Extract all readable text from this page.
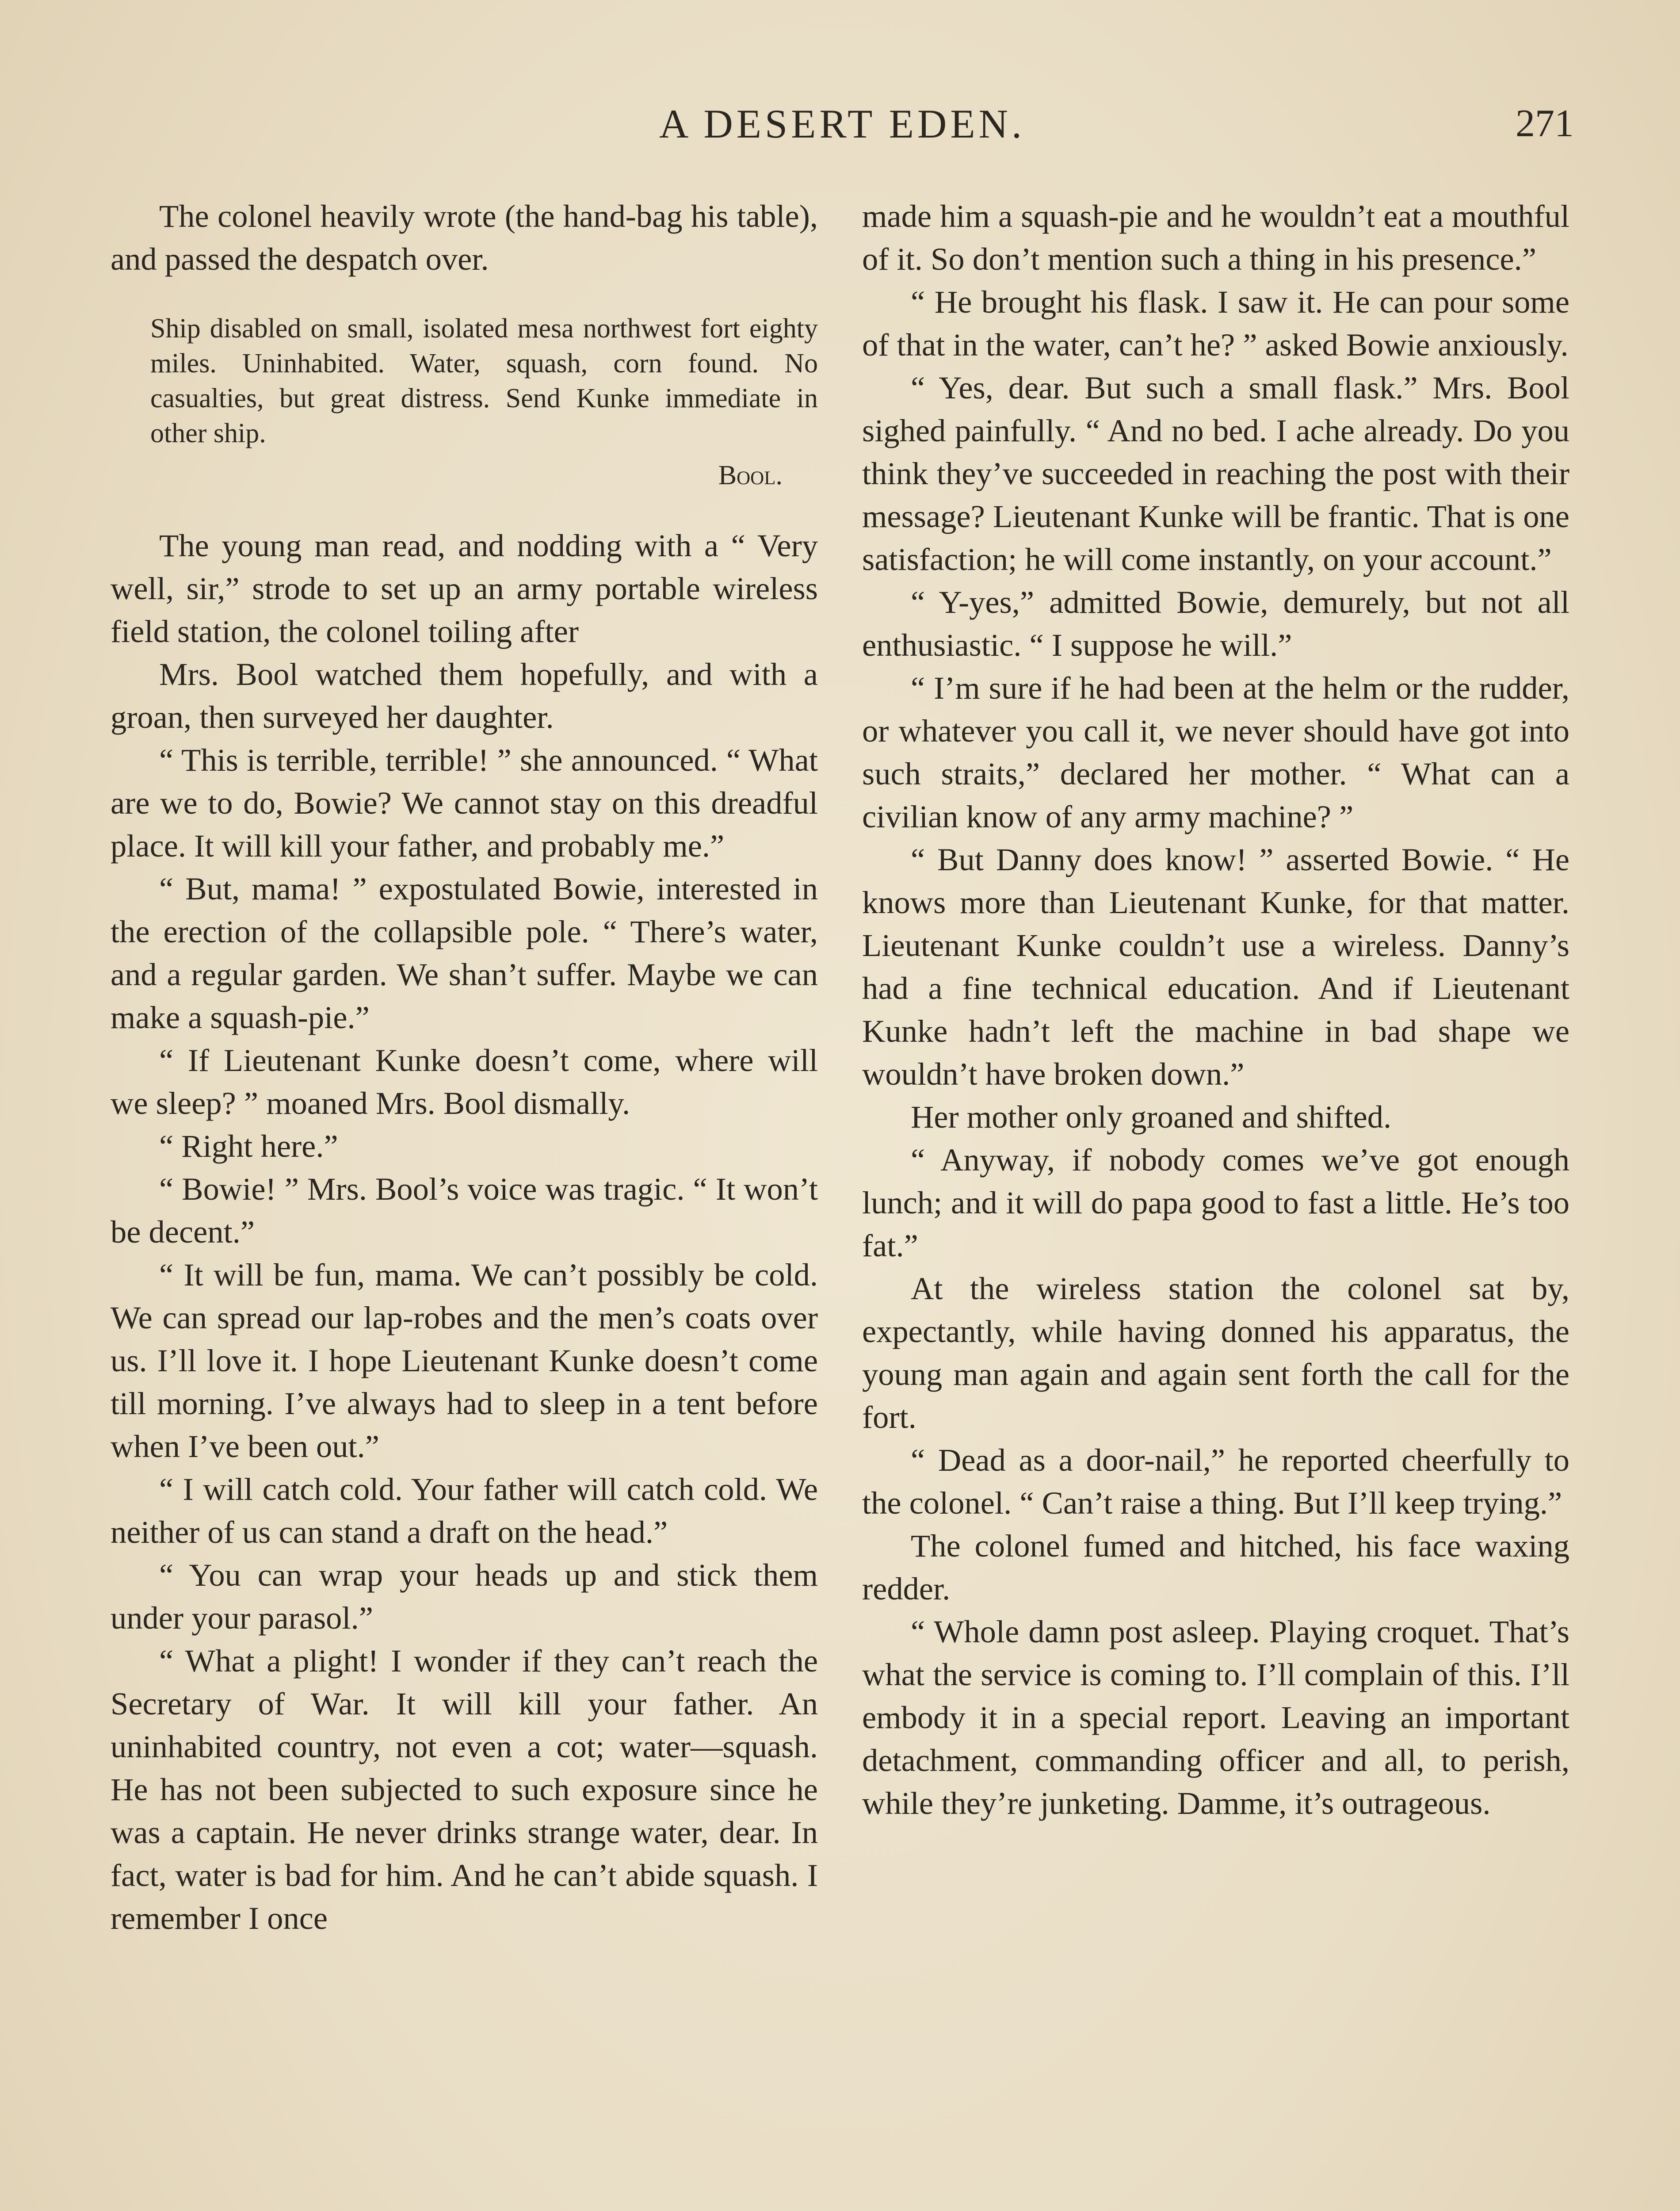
A DESERT EDEN.	271

The colonel heavily wrote (the hand-bag his table), and passed the despatch over.

Ship disabled on small, isolated mesa northwest fort eighty miles. Uninhabited. Water, squash, corn found. No casualties, but great distress. Send Kunke immediate in other ship.
Bool.

The young man read, and nodding with a “ Very well, sir,” strode to set up an army portable wireless field station, the colonel toiling after

Mrs. Bool watched them hopefully, and with a groan, then surveyed her daughter.

“ This is terrible, terrible! ” she announced. “ What are we to do, Bowie? We cannot stay on this dreadful place. It will kill your father, and probably me.”

“ But, mama! ” expostulated Bowie, interested in the erection of the collapsible pole. “ There’s water, and a regular garden. We shan’t suffer. Maybe we can make a squash-pie.”

“ If Lieutenant Kunke doesn’t come, where will we sleep? ” moaned Mrs. Bool dismally.

“ Right here.”

“ Bowie! ” Mrs. Bool’s voice was tragic. “ It won’t be decent.”

“ It will be fun, mama. We can’t possibly be cold. We can spread our lap-robes and the men’s coats over us. I’ll love it. I hope Lieutenant Kunke doesn’t come till morning. I’ve always had to sleep in a tent before when I’ve been out.”

“ I will catch cold. Your father will catch cold. We neither of us can stand a draft on the head.”

“ You can wrap your heads up and stick them under your parasol.”

“ What a plight! I wonder if they can’t reach the Secretary of War. It will kill your father. An uninhabited country, not even a cot; water—squash. He has not been subjected to such exposure since he was a captain. He never drinks strange water, dear. In fact, water is bad for him. And he can’t abide squash. I remember I once

made him a squash-pie and he wouldn’t eat a mouthful of it. So don’t mention such a thing in his presence.”

“ He brought his flask. I saw it. He can pour some of that in the water, can’t he? ” asked Bowie anxiously.

“ Yes, dear. But such a small flask.” Mrs. Bool sighed painfully. “ And no bed. I ache already. Do you think they’ve succeeded in reaching the post with their message? Lieutenant Kunke will be frantic. That is one satisfaction; he will come instantly, on your account.”

“ Y-yes,” admitted Bowie, demurely, but not all enthusiastic. “ I suppose he will.”

“ I’m sure if he had been at the helm or the rudder, or whatever you call it, we never should have got into such straits,” declared her mother. “ What can a civilian know of any army machine? ”

“ But Danny does know! ” asserted Bowie. “ He knows more than Lieutenant Kunke, for that matter. Lieutenant Kunke couldn’t use a wireless. Danny’s had a fine technical education. And if Lieutenant Kunke hadn’t left the machine in bad shape we wouldn’t have broken down.”

Her mother only groaned and shifted.

“ Anyway, if nobody comes we’ve got enough lunch; and it will do papa good to fast a little. He’s too fat.”

At the wireless station the colonel sat by, expectantly, while having donned his apparatus, the young man again and again sent forth the call for the fort.

“ Dead as a door-nail,” he reported cheerfully to the colonel. “ Can’t raise a thing. But I’ll keep trying.”

The colonel fumed and hitched, his face waxing redder.

“ Whole damn post asleep. Playing croquet. That’s what the service is coming to. I’ll complain of this. I’ll embody it in a special report. Leaving an important detachment, commanding officer and all, to perish, while they’re junketing. Damme, it’s outrageous.
